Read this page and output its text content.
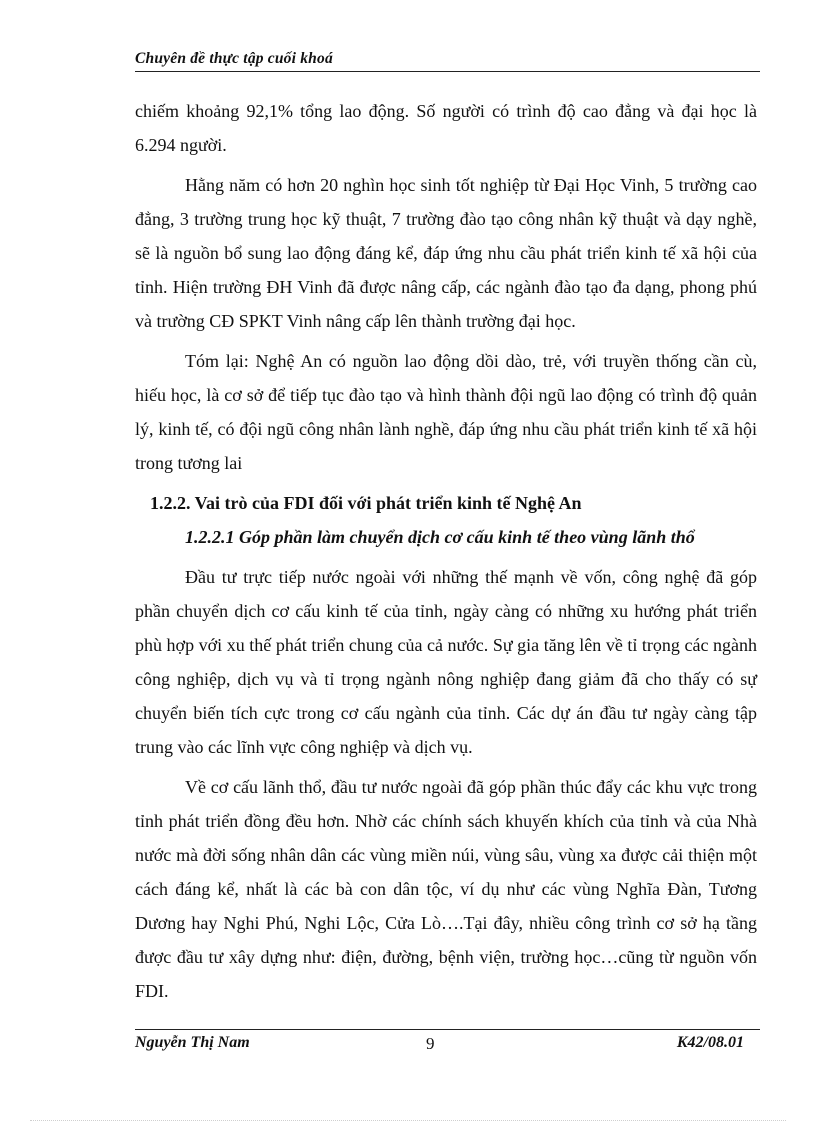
Chuyên đề thực tập cuối khoá

chiếm khoảng 92,1% tổng lao động. Số người có trình độ cao đẳng và đại học là 6.294 người.

Hằng năm có hơn 20 nghìn học sinh tốt nghiệp từ Đại Học Vinh, 5 trường cao đẳng, 3 trường trung học kỹ thuật, 7 trường đào tạo công nhân kỹ thuật và dạy nghề, sẽ là nguồn bổ sung lao động đáng kể, đáp ứng nhu cầu phát triển kinh tế xã hội của tỉnh. Hiện trường ĐH Vinh đã được nâng cấp, các ngành đào tạo đa dạng, phong phú và trường CĐ SPKT Vinh nâng cấp lên thành trường đại học.

Tóm lại: Nghệ An có nguồn lao động dồi dào, trẻ, với truyền thống cần cù, hiếu học, là cơ sở để tiếp tục đào tạo và hình thành đội ngũ lao động có trình độ quản lý, kinh tế, có đội ngũ công nhân lành nghề, đáp ứng nhu cầu phát triển kinh tế xã hội trong tương lai

1.2.2. Vai trò của FDI đối với phát triển kinh tế Nghệ An

1.2.2.1 Góp phần làm chuyển dịch cơ cấu kinh tế theo vùng lãnh thổ

Đầu tư trực tiếp nước ngoài với những thế mạnh về vốn, công nghệ đã góp phần chuyển dịch cơ cấu kinh tế của tỉnh, ngày càng có những xu hướng phát triển phù hợp với xu thế phát triển chung của cả nước. Sự gia tăng lên về tỉ trọng các ngành công nghiệp, dịch vụ và tỉ trọng ngành nông nghiệp đang giảm đã cho thấy có sự chuyển biến tích cực trong cơ cấu ngành của tỉnh. Các dự án đầu tư ngày càng tập trung vào các lĩnh vực công nghiệp và dịch vụ.

Về cơ cấu lãnh thổ, đầu tư nước ngoài đã góp phần thúc đẩy các khu vực trong tỉnh phát triển đồng đều hơn. Nhờ các chính sách khuyến khích của tỉnh và của Nhà nước mà đời sống nhân dân các vùng miền núi, vùng sâu, vùng xa được cải thiện một cách đáng kể, nhất là các bà con dân tộc, ví dụ như các vùng Nghĩa Đàn, Tương Dương hay Nghi Phú, Nghi Lộc, Cửa Lò….Tại đây, nhiều công trình cơ sở hạ tầng được đầu tư xây dựng như: điện, đường, bệnh viện, trường học…cũng từ nguồn vốn FDI.

Nguyễn Thị Nam	9	K42/08.01
